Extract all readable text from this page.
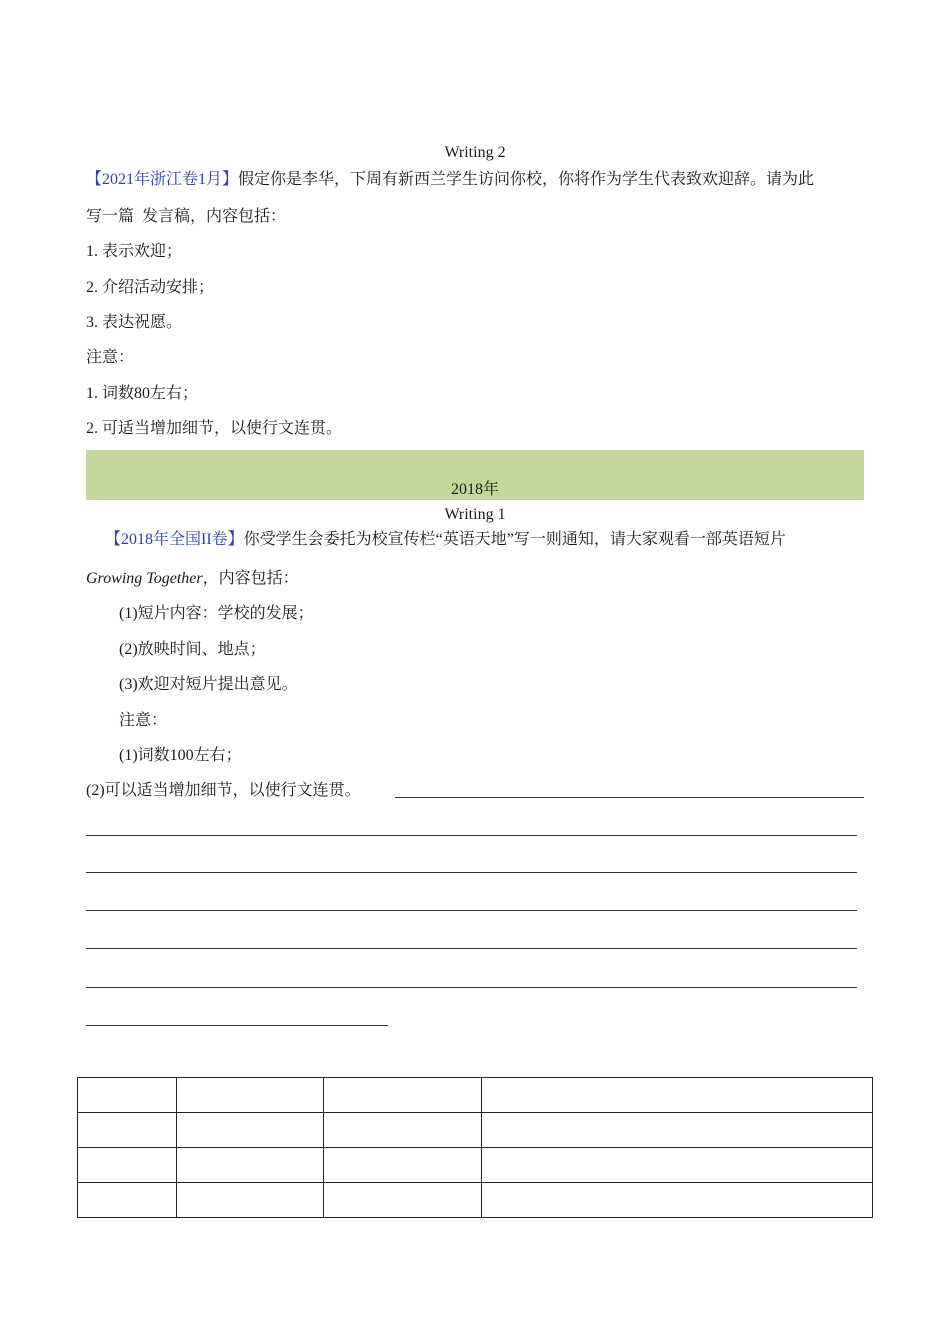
Writing 2
【2021年浙江卷1月】假定你是李华，下周有新西兰学生访问你校，你将作为学生代表致欢迎辞。请为此
写一篇  发言稿，内容包括：
1. 表示欢迎；
2. 介绍活动安排；
3. 表达祝愿。
注意：
1. 词数80左右；
2. 可适当增加细节，以使行文连贯。
2018年
Writing 1
【2018年全国II卷】你受学生会委托为校宣传栏“英语天地”写一则通知，请大家观看一部英语短片
Growing Together，内容包括：
(1)短片内容：学校的发展；
(2)放映时间、地点；
(3)欢迎对短片提出意见。
注意：
(1)词数100左右；
(2)可以适当增加细节，以使行文连贯。
